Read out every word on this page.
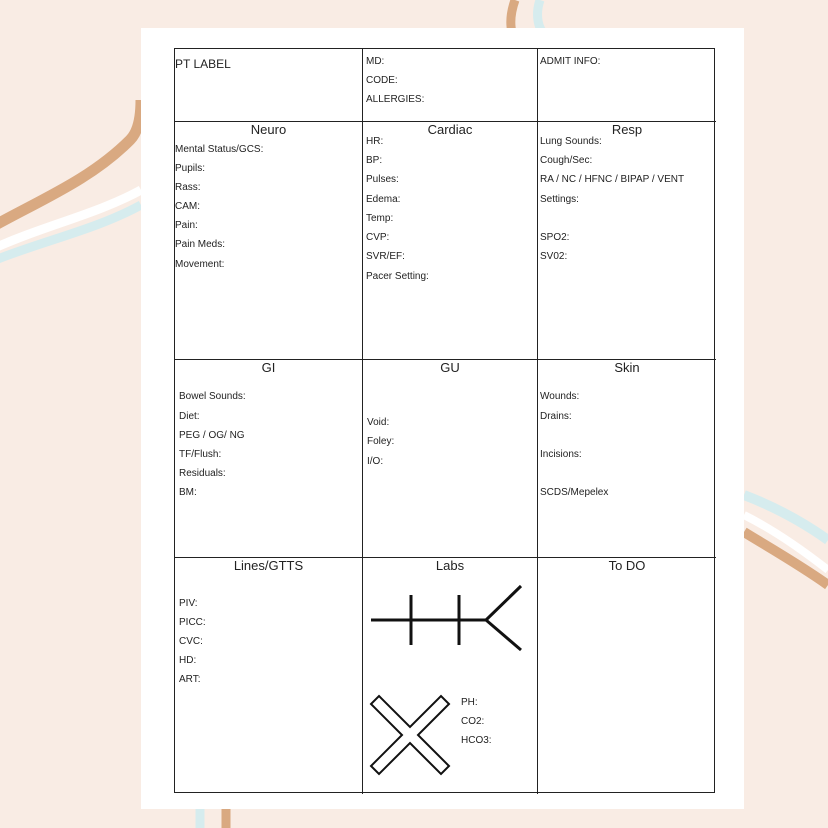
PT LABEL	MD:
CODE:
ALLERGIES:
ADMIT INFO:
Neuro
Mental Status/GCS:
Pupils:
Rass:
CAM:
Pain:
Pain Meds:
Movement:
Cardiac
HR:
BP:
Pulses:
Edema:
Temp:
CVP:
SVR/EF:
Pacer Setting:
Resp
Lung Sounds:
Cough/Sec:
RA / NC / HFNC / BIPAP / VENT
Settings:
SPO2:
SV02:
GI
Bowel Sounds:
Diet:
PEG / OG/ NG
TF/Flush:
Residuals:
BM:
GU
Void:
Foley:
I/O:
Skin
Wounds:
Drains:
Incisions:
SCDS/Mepelex
Lines/GTTS
PIV:
PICC:
CVC:
HD:
ART:
Labs
PH:
CO2:
HCO3:
To DO
